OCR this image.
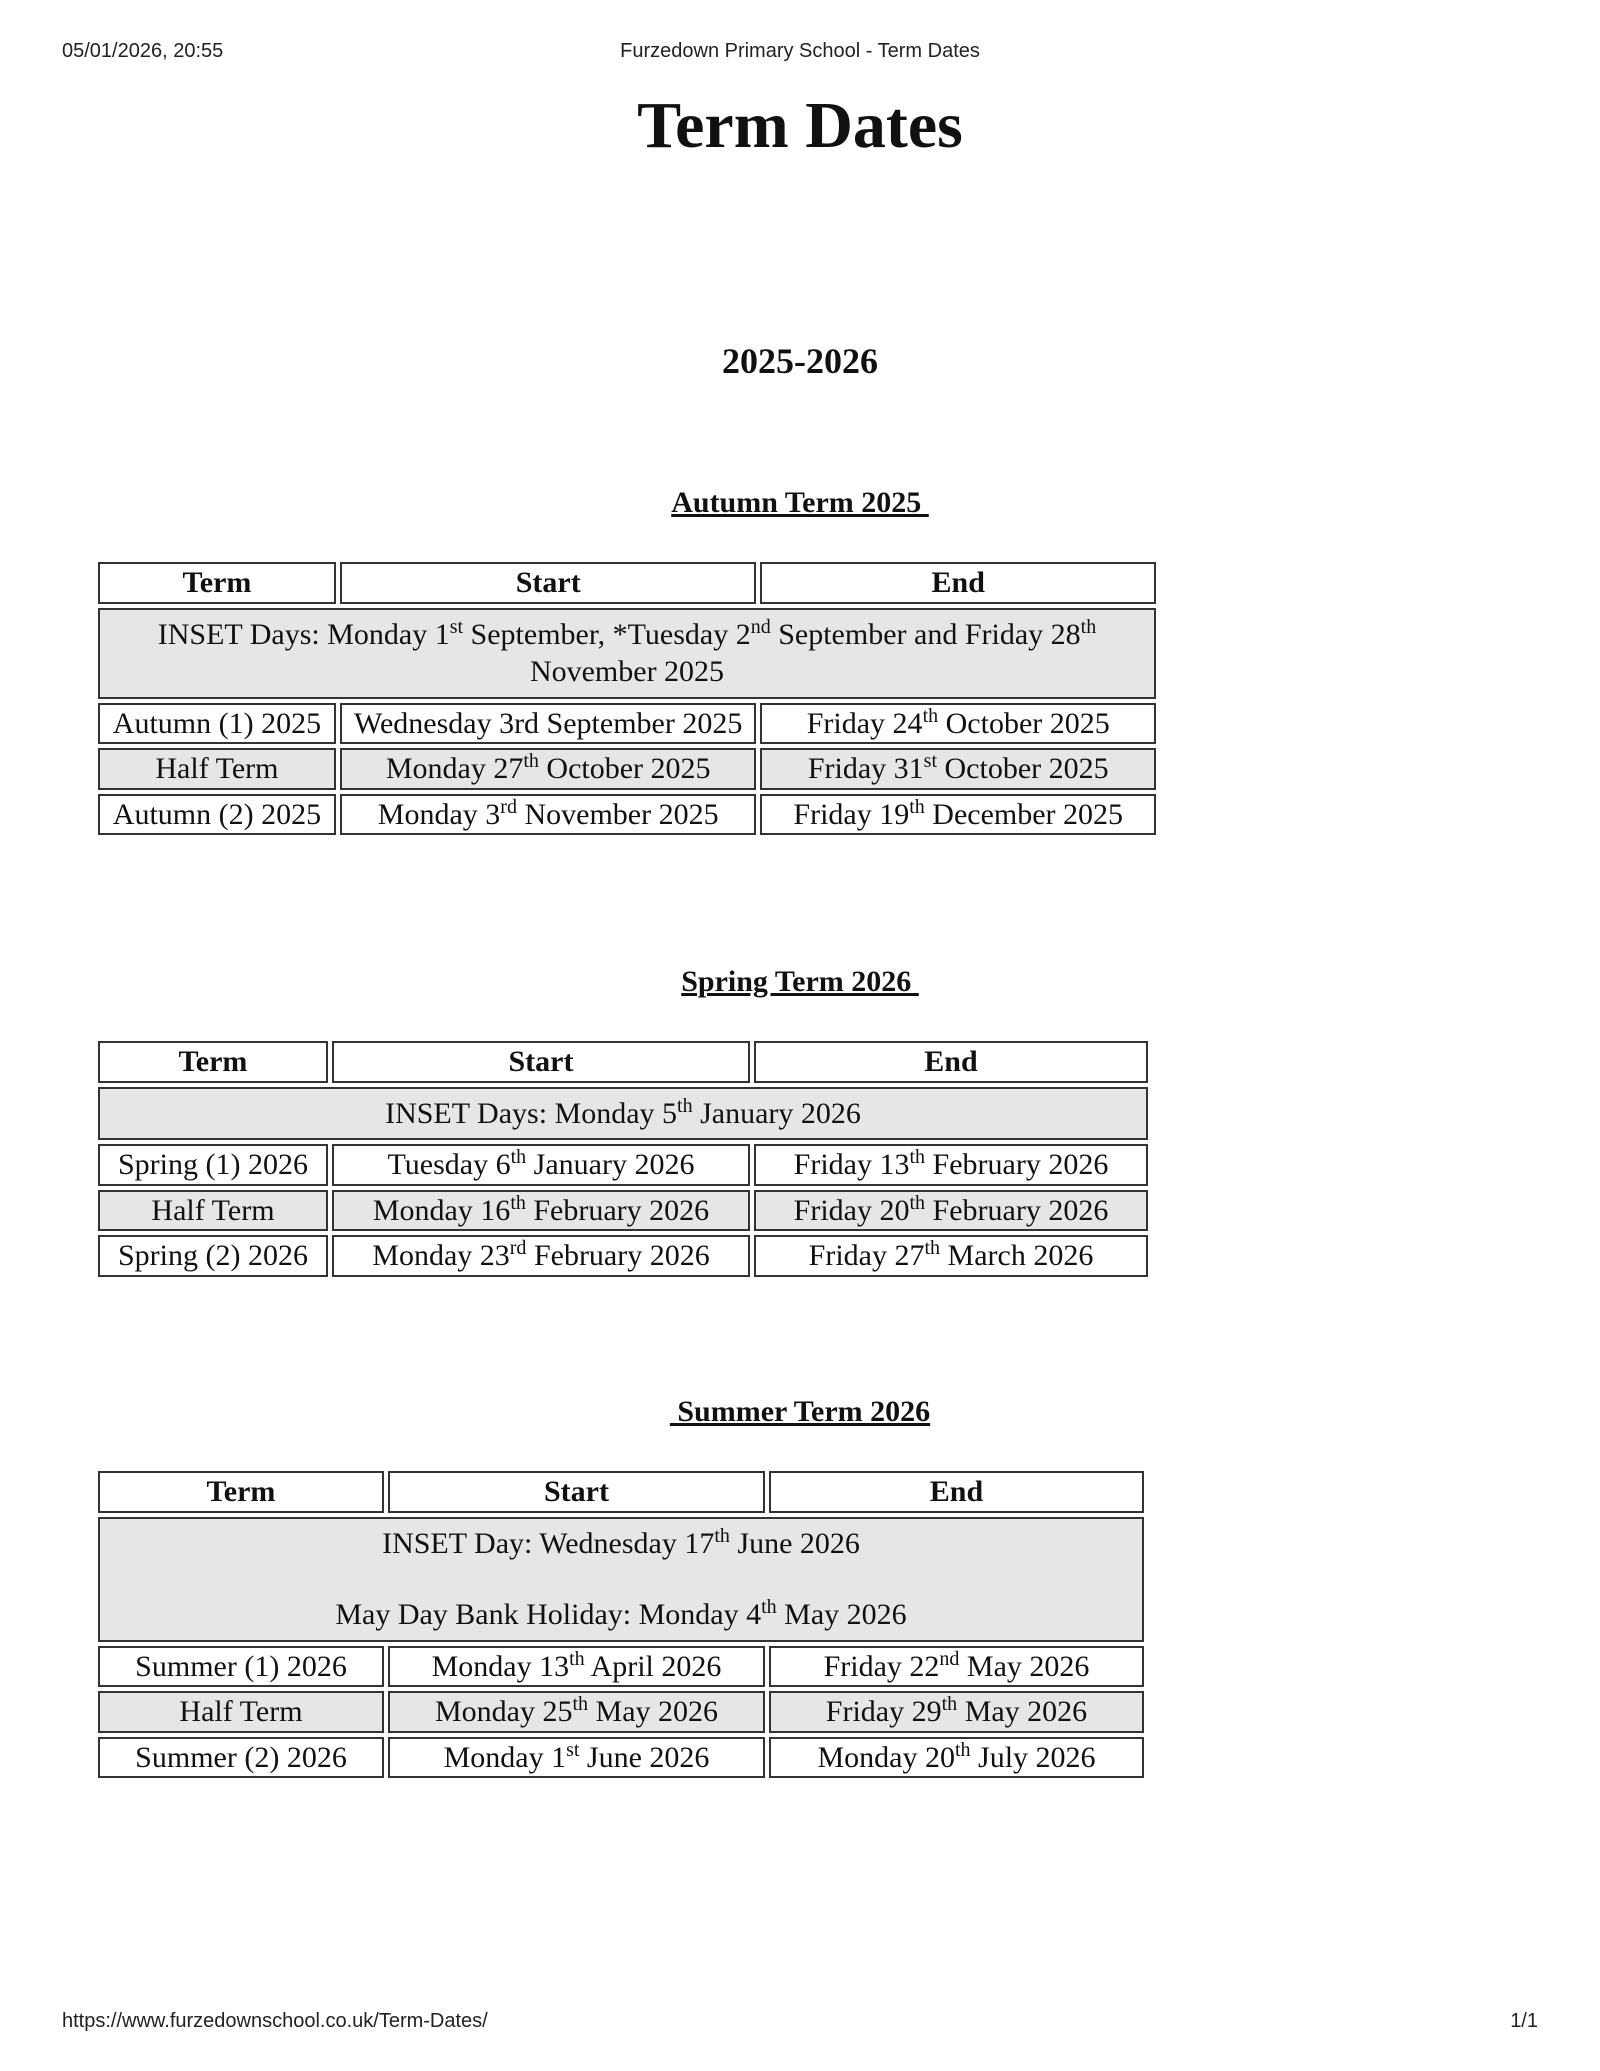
05/01/2026, 20:55	Furzedown Primary School - Term Dates
Term Dates
2025-2026
Autumn Term 2025
Term	Start	End
INSET Days: Monday 1st September, *Tuesday 2nd September and Friday 28th November 2025		
Autumn (1) 2025	Wednesday 3rd September 2025	Friday 24th October 2025
Half Term	Monday 27th October 2025	Friday 31st October 2025
Autumn (2) 2025	Monday 3rd November 2025	Friday 19th December 2025
Spring Term 2026
Term	Start	End
INSET Days: Monday 5th January 2026		
Spring (1) 2026	Tuesday 6th January 2026	Friday 13th February 2026
Half Term	Monday 16th February 2026	Friday 20th February 2026
Spring (2) 2026	Monday 23rd February 2026	Friday 27th March 2026
Summer Term 2026
Term	Start	End

INSET Day: Wednesday 17th June 2026
May Day Bank Holiday: Monday 4th May 2026		

Summer (1) 2026	Monday 13th April 2026	Friday 22nd May 2026
Half Term	Monday 25th May 2026	Friday 29th May 2026
Summer (2) 2026	Monday 1st June 2026	Monday 20th July 2026
https://www.furzedownschool.co.uk/Term-Dates/	1/1
